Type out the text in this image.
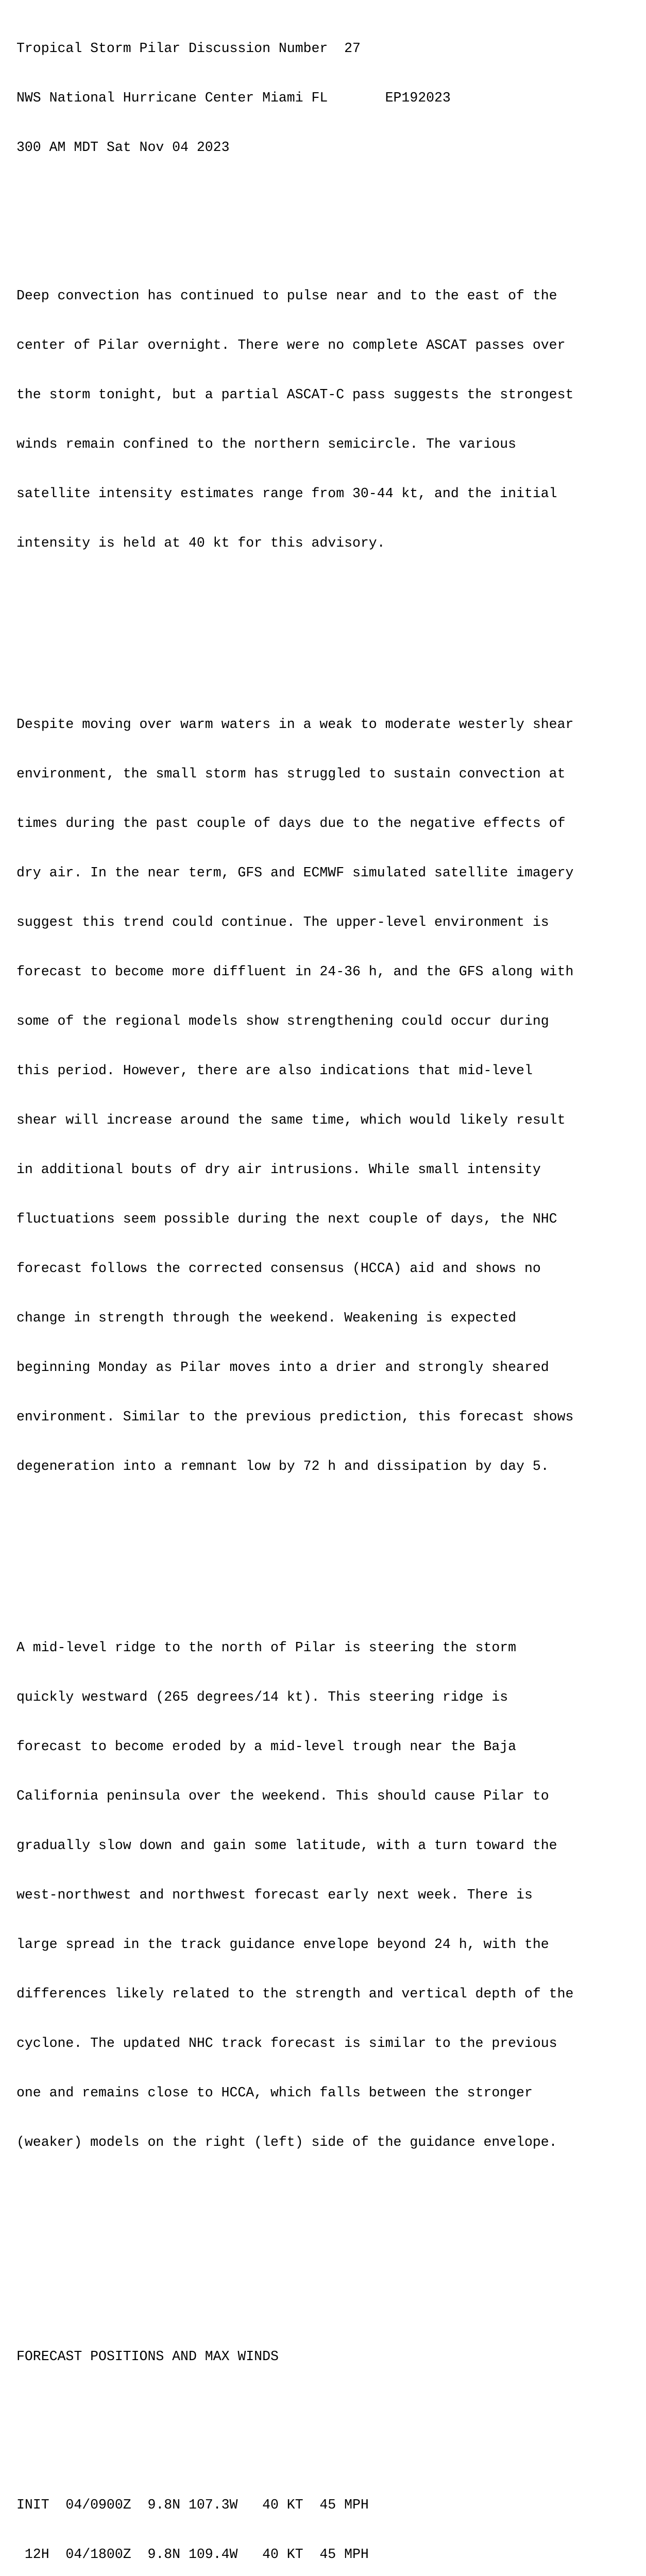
Tropical Storm Pilar Discussion Number  27

NWS National Hurricane Center Miami FL       EP192023

300 AM MDT Sat Nov 04 2023

Deep convection has continued to pulse near and to the east of the

center of Pilar overnight. There were no complete ASCAT passes over

the storm tonight, but a partial ASCAT-C pass suggests the strongest

winds remain confined to the northern semicircle. The various

satellite intensity estimates range from 30-44 kt, and the initial

intensity is held at 40 kt for this advisory.

Despite moving over warm waters in a weak to moderate westerly shear

environment, the small storm has struggled to sustain convection at

times during the past couple of days due to the negative effects of

dry air. In the near term, GFS and ECMWF simulated satellite imagery

suggest this trend could continue. The upper-level environment is

forecast to become more diffluent in 24-36 h, and the GFS along with

some of the regional models show strengthening could occur during

this period. However, there are also indications that mid-level

shear will increase around the same time, which would likely result

in additional bouts of dry air intrusions. While small intensity

fluctuations seem possible during the next couple of days, the NHC

forecast follows the corrected consensus (HCCA) aid and shows no

change in strength through the weekend. Weakening is expected

beginning Monday as Pilar moves into a drier and strongly sheared

environment. Similar to the previous prediction, this forecast shows

degeneration into a remnant low by 72 h and dissipation by day 5.

A mid-level ridge to the north of Pilar is steering the storm

quickly westward (265 degrees/14 kt). This steering ridge is

forecast to become eroded by a mid-level trough near the Baja

California peninsula over the weekend. This should cause Pilar to

gradually slow down and gain some latitude, with a turn toward the

west-northwest and northwest forecast early next week. There is

large spread in the track guidance envelope beyond 24 h, with the

differences likely related to the strength and vertical depth of the

cyclone. The updated NHC track forecast is similar to the previous

one and remains close to HCCA, which falls between the stronger

(weaker) models on the right (left) side of the guidance envelope.

FORECAST POSITIONS AND MAX WINDS

INIT  04/0900Z  9.8N 107.3W   40 KT  45 MPH

12H  04/1800Z  9.8N 109.4W   40 KT  45 MPH
